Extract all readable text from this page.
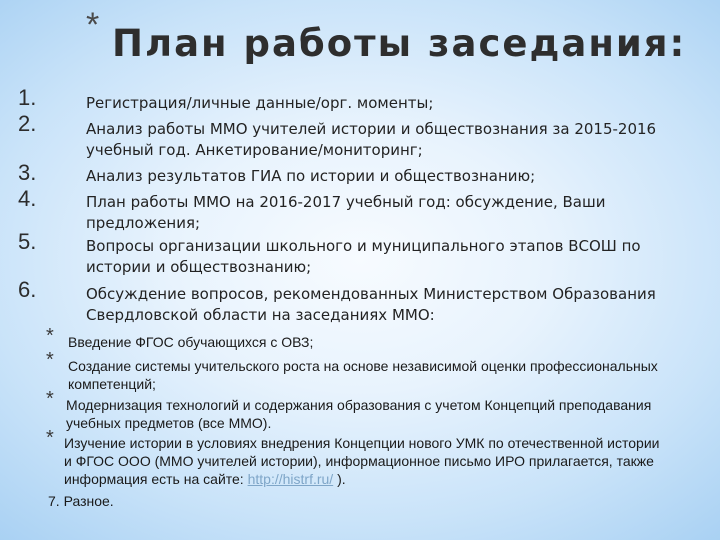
* План работы заседания:
1.	Регистрация/личные данные/орг. моменты;
2.	Анализ работы ММО учителей истории и обществознания за 2015-2016 учебный год. Анкетирование/мониторинг;
3.	Анализ результатов ГИА по истории и обществознанию;
4.	План работы ММО на 2016-2017 учебный год: обсуждение, Ваши предложения;
5.	Вопросы организации школьного и муниципального этапов ВСОШ по истории и обществознанию;
6.	Обсуждение вопросов, рекомендованных Министерством Образования Свердловской области на заседаниях ММО:
* Введение ФГОС обучающихся с ОВЗ;
* Создание системы учительского роста на основе независимой оценки профессиональных компетенций;
* Модернизация технологий и содержания образования с учетом Концепций преподавания учебных предметов (все ММО).
* Изучение истории в условиях внедрения Концепции нового УМК по отечественной истории и ФГОС ООО (ММО учителей истории), информационное письмо ИРО прилагается, также информация есть на сайте: http://histrf.ru/ ).
7. Разное.
